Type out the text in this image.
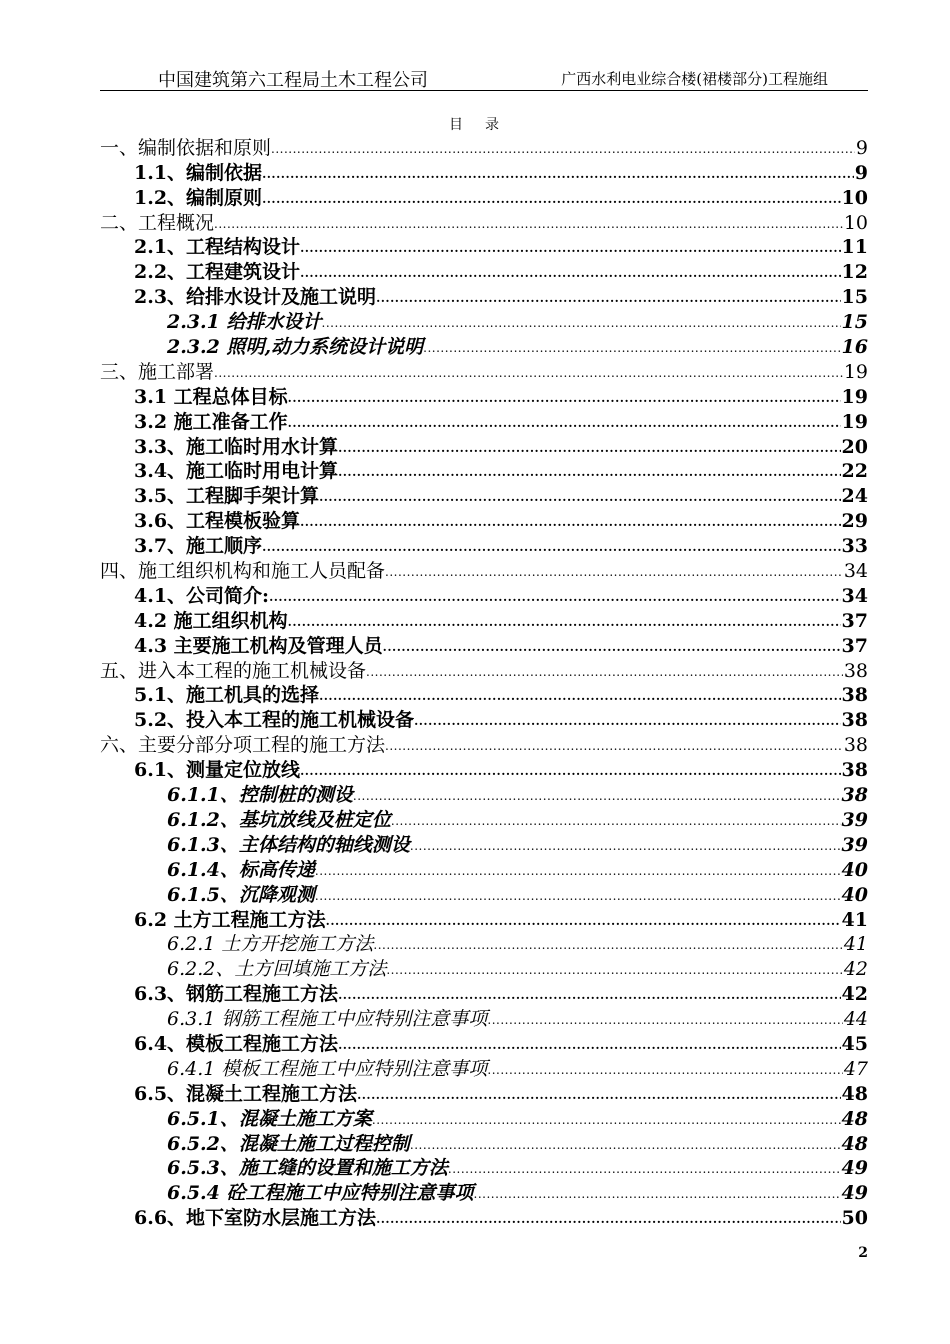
中国建筑第六工程局土木工程公司	广西水利电业综合楼(裙楼部分)工程施组
目录
一、编制依据和原则 .....	9
1.1、编制依据 .....	9
1.2、编制原则 .....	10
二、工程概况 .....	10
2.1、工程结构设计 .....	11
2.2、工程建筑设计 .....	12
2.3、给排水设计及施工说明 .....	15
2.3.1 给排水设计 .....	15
2.3.2 照明,动力系统设计说明 .....	16
三、施工部署 .....	19
3.1 工程总体目标 .....	19
3.2 施工准备工作 .....	19
3.3、施工临时用水计算 .....	20
3.4、施工临时用电计算 .....	22
3.5、工程脚手架计算 .....	24
3.6、工程模板验算 .....	29
3.7、施工顺序 .....	33
四、施工组织机构和施工人员配备 .....	34
4.1、公司简介: .....	34
4.2 施工组织机构 .....	37
4.3 主要施工机构及管理人员 .....	37
五、进入本工程的施工机械设备 .....	38
5.1、施工机具的选择 .....	38
5.2、投入本工程的施工机械设备 .....	38
六、主要分部分项工程的施工方法 .....	38
6.1、测量定位放线 .....	38
6.1.1、控制桩的测设 .....	38
6.1.2、基坑放线及桩定位 .....	39
6.1.3、主体结构的轴线测设 .....	39
6.1.4、标高传递 .....	40
6.1.5、沉降观测 .....	40
6.2 土方工程施工方法 .....	41
6.2.1 土方开挖施工方法 .....	41
6.2.2、土方回填施工方法 .....	42
6.3、钢筋工程施工方法 .....	42
6.3.1 钢筋工程施工中应特别注意事项 .....	44
6.4、模板工程施工方法 .....	45
6.4.1 模板工程施工中应特别注意事项 .....	47
6.5、混凝土工程施工方法 .....	48
6.5.1、混凝土施工方案 .....	48
6.5.2、混凝土施工过程控制 .....	48
6.5.3、施工缝的设置和施工方法 .....	49
6.5.4 砼工程施工中应特别注意事项 .....	49
6.6、地下室防水层施工方法 .....	50
2
